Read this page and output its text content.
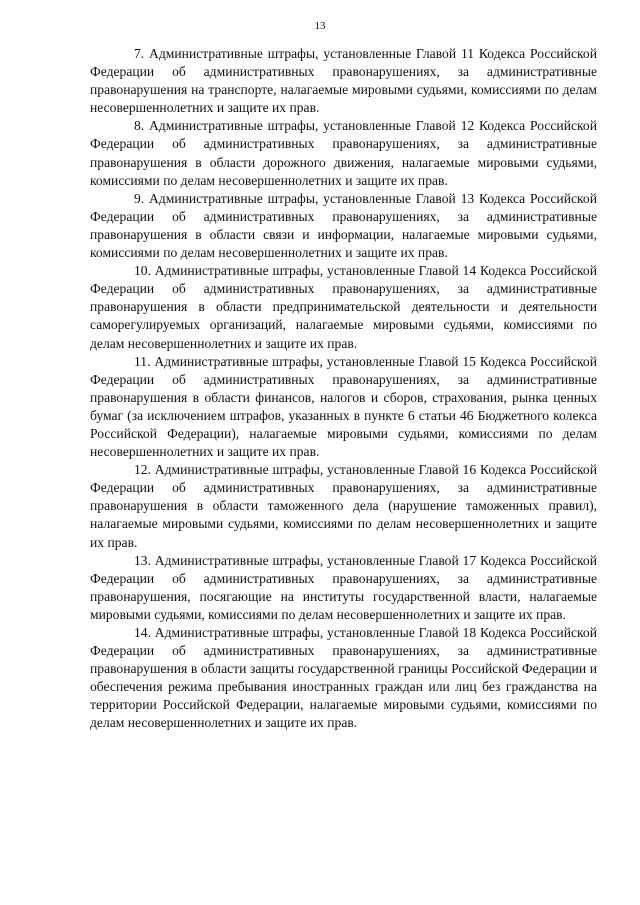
13

7. Административные штрафы, установленные Главой 11 Кодекса Российской Федерации об административных правонарушениях, за административные правонарушения на транспорте, налагаемые мировыми судьями, комиссиями по делам несовершеннолетних и защите их прав.

8. Административные штрафы, установленные Главой 12 Кодекса Российской Федерации об административных правонарушениях, за административные правонарушения в области дорожного движения, налагаемые мировыми судьями, комиссиями по делам несовершеннолетних и защите их прав.

9. Административные штрафы, установленные Главой 13 Кодекса Российской Федерации об административных правонарушениях, за административные правонарушения в области связи и информации, налагаемые мировыми судьями, комиссиями по делам несовершеннолетних и защите их прав.

10. Административные штрафы, установленные Главой 14 Кодекса Российской Федерации об административных правонарушениях, за административные правонарушения в области предпринимательской деятельности и деятельности саморегулируемых организаций, налагаемые мировыми судьями, комиссиями по делам несовершеннолетних и защите их прав.

11. Административные штрафы, установленные Главой 15 Кодекса Российской Федерации об административных правонарушениях, за административные правонарушения в области финансов, налогов и сборов, страхования, рынка ценных бумаг (за исключением штрафов, указанных в пункте 6 статьи 46 Бюджетного колекса Российской Федерации), налагаемые мировыми судьями, комиссиями по делам несовершеннолетних и защите их прав.

12. Административные штрафы, установленные Главой 16 Кодекса Российской Федерации об административных правонарушениях, за административные правонарушения в области таможенного дела (нарушение таможенных правил), налагаемые мировыми судьями, комиссиями по делам несовершеннолетних и защите их прав.

13. Административные штрафы, установленные Главой 17 Кодекса Российской Федерации об административных правонарушениях, за административные правонарушения, посягающие на институты государственной власти, налагаемые мировыми судьями, комиссиями по делам несовершеннолетних и защите их прав.

14. Административные штрафы, установленные Главой 18 Кодекса Российской Федерации об административных правонарушениях, за административные правонарушения в области защиты государственной границы Российской Федерации и обеспечения режима пребывания иностранных граждан или лиц без гражданства на территории Российской Федерации, налагаемые мировыми судьями, комиссиями по делам несовершеннолетних и защите их прав.
